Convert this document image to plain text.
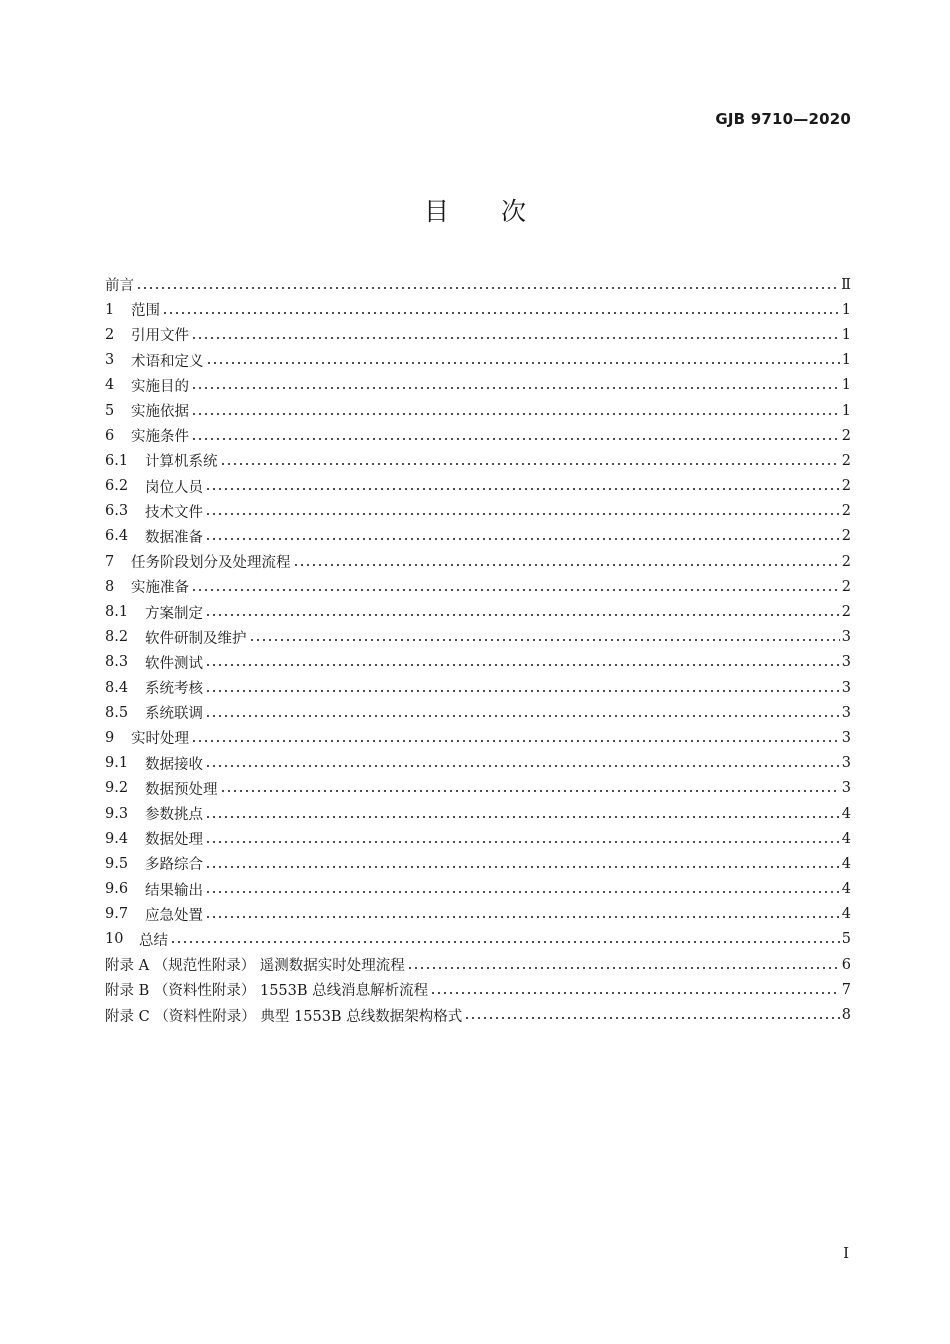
GJB 9710—2020
目次
前言	Ⅱ
1	范围	1
2	引用文件	1
3	术语和定义	1
4	实施目的	1
5	实施依据	1
6	实施条件	2
6.1	计算机系统	2
6.2	岗位人员	2
6.3	技术文件	2
6.4	数据准备	2
7	任务阶段划分及处理流程	2
8	实施准备	2
8.1	方案制定	2
8.2	软件研制及维护	3
8.3	软件测试	3
8.4	系统考核	3
8.5	系统联调	3
9	实时处理	3
9.1	数据接收	3
9.2	数据预处理	3
9.3	参数挑点	4
9.4	数据处理	4
9.5	多路综合	4
9.6	结果输出	4
9.7	应急处置	4
10	总结	5
附录 A （规范性附录） 遥测数据实时处理流程	6
附录 B （资料性附录） 1553B 总线消息解析流程	7
附录 C （资料性附录） 典型 1553B 总线数据架构格式	8
I
